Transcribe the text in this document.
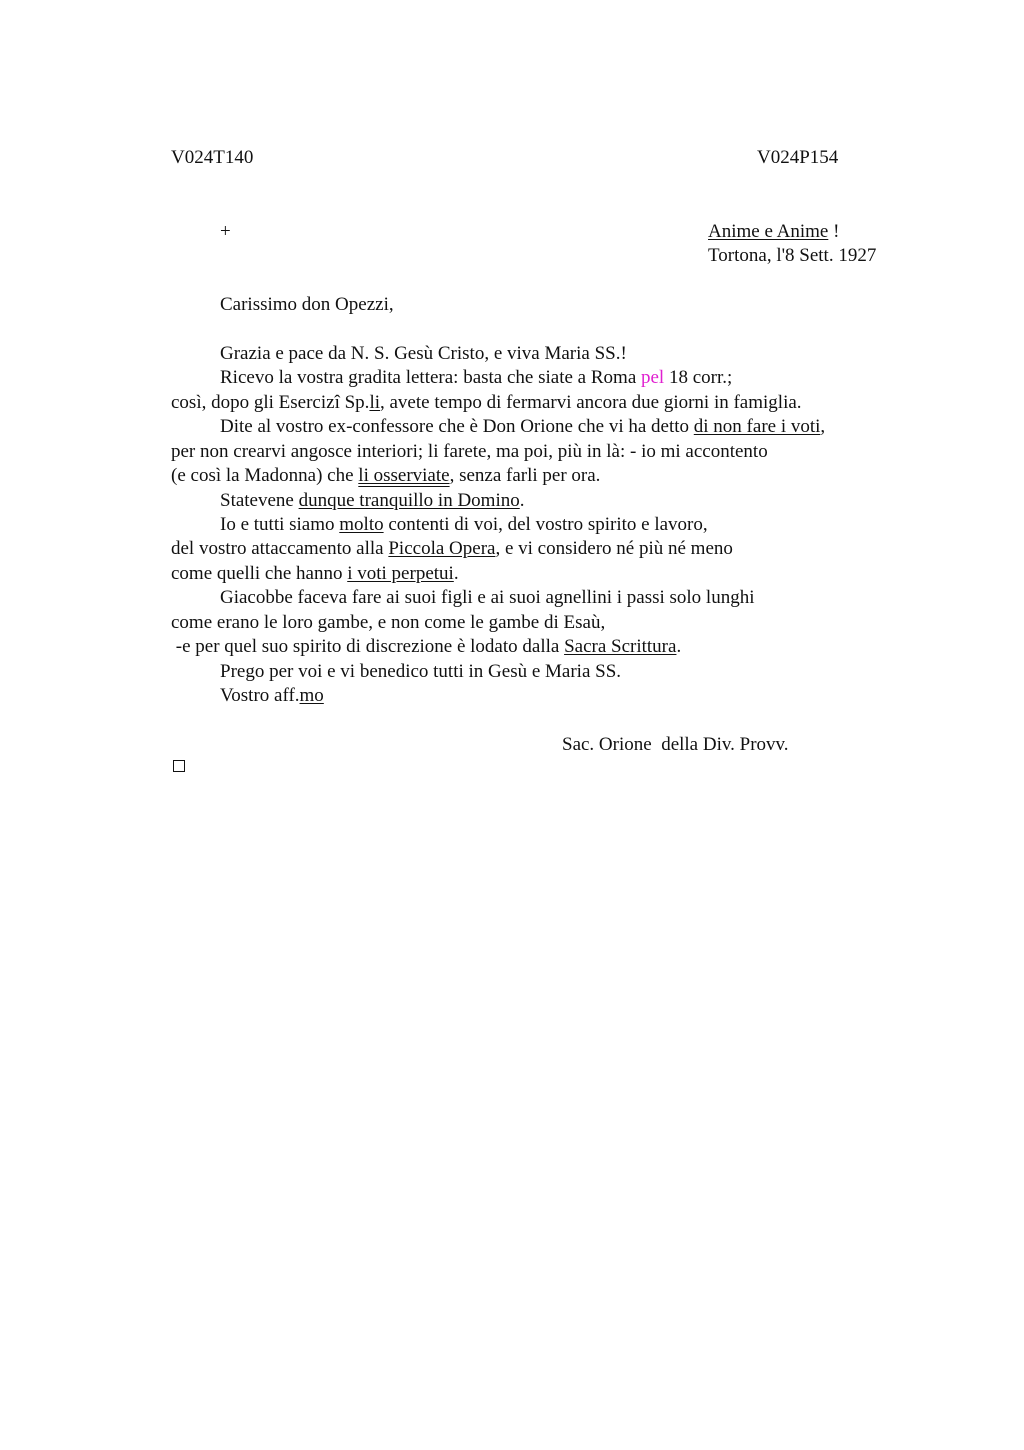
V024T140	V024P154
+	Anime e Anime !
Tortona, l'8 Sett. 1927
Carissimo don Opezzi,
Grazia e pace da N. S. Gesù Cristo, e viva Maria SS.!
Ricevo la vostra gradita lettera: basta che siate a Roma pel 18 corr.;
così, dopo gli Esercizî Sp.li, avete tempo di fermarvi ancora due giorni in famiglia.
Dite al vostro ex-confessore che è Don Orione che vi ha detto di non fare i voti,
per non crearvi angosce interiori; li farete, ma poi, più in là: - io mi accontento
(e così la Madonna) che li osserviate, senza farli per ora.
Statevene dunque tranquillo in Domino.
Io e tutti siamo molto contenti di voi, del vostro spirito e lavoro,
del vostro attaccamento alla Piccola Opera, e vi considero né più né meno
come quelli che hanno i voti perpetui.
Giacobbe faceva fare ai suoi figli e ai suoi agnellini i passi solo lunghi
come erano le loro gambe, e non come le gambe di Esaù,
-e per quel suo spirito di discrezione è lodato dalla Sacra Scrittura.
Prego per voi e vi benedico tutti in Gesù e Maria SS.
Vostro aff.mo
Sac. Orione  della Div. Provv.
